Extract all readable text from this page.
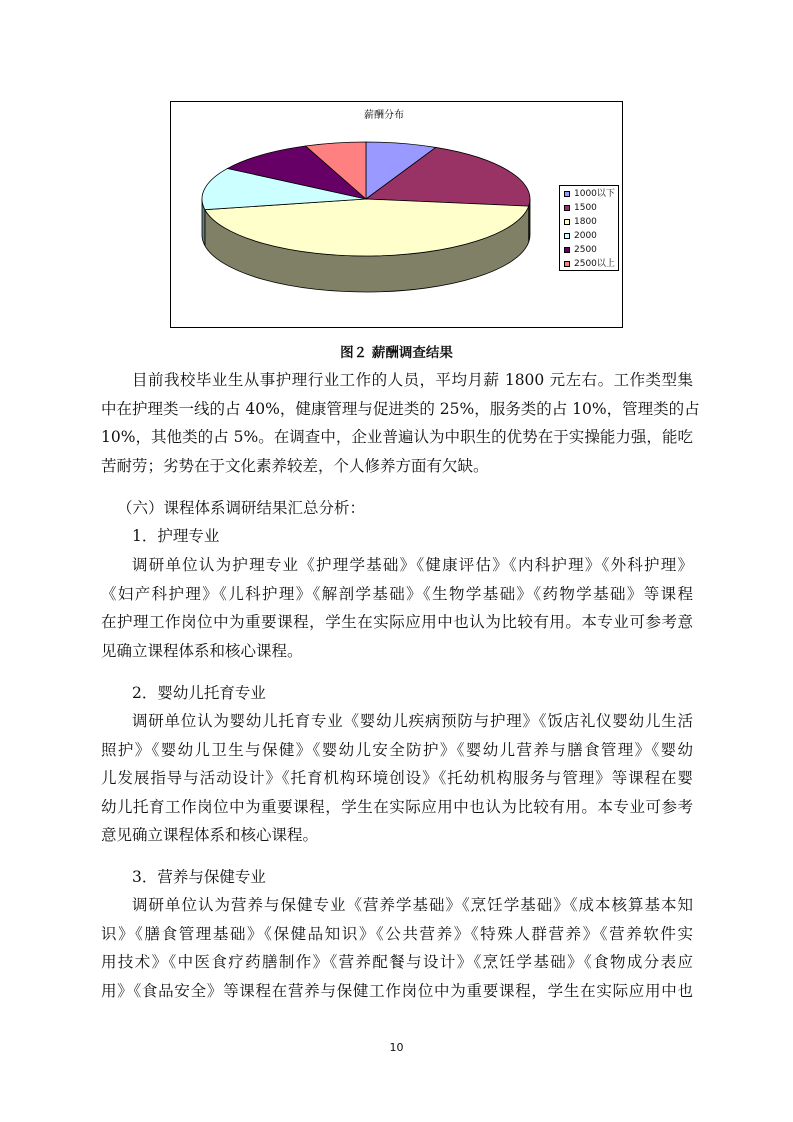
薪酬分布
1000以下
1500
1800
2000
2500
2500以上
图２ 薪酬调查结果
目前我校毕业生从事护理行业工作的人员，平均月薪 1800 元左右。工作类型集
中在护理类一线的占 40%，健康管理与促进类的 25%，服务类的占 10%，管理类的占
10%，其他类的占 5%。在调查中，企业普遍认为中职生的优势在于实操能力强，能吃
苦耐劳；劣势在于文化素养较差，个人修养方面有欠缺。
（六）课程体系调研结果汇总分析：
1．护理专业
调研单位认为护理专业《护理学基础》《健康评估》《内科护理》《外科护理》
《妇产科护理》《儿科护理》《解剖学基础》《生物学基础》《药物学基础》等课程
在护理工作岗位中为重要课程，学生在实际应用中也认为比较有用。本专业可参考意
见确立课程体系和核心课程。
2．婴幼儿托育专业
调研单位认为婴幼儿托育专业《婴幼儿疾病预防与护理》《饭店礼仪婴幼儿生活
照护》《婴幼儿卫生与保健》《婴幼儿安全防护》《婴幼儿营养与膳食管理》《婴幼
儿发展指导与活动设计》《托育机构环境创设》《托幼机构服务与管理》等课程在婴
幼儿托育工作岗位中为重要课程，学生在实际应用中也认为比较有用。本专业可参考
意见确立课程体系和核心课程。
3．营养与保健专业
调研单位认为营养与保健专业《营养学基础》《烹饪学基础》《成本核算基本知
识》《膳食管理基础》《保健品知识》《公共营养》《特殊人群营养》《营养软件实
用技术》《中医食疗药膳制作》《营养配餐与设计》《烹饪学基础》《食物成分表应
用》《食品安全》等课程在营养与保健工作岗位中为重要课程，学生在实际应用中也
10
